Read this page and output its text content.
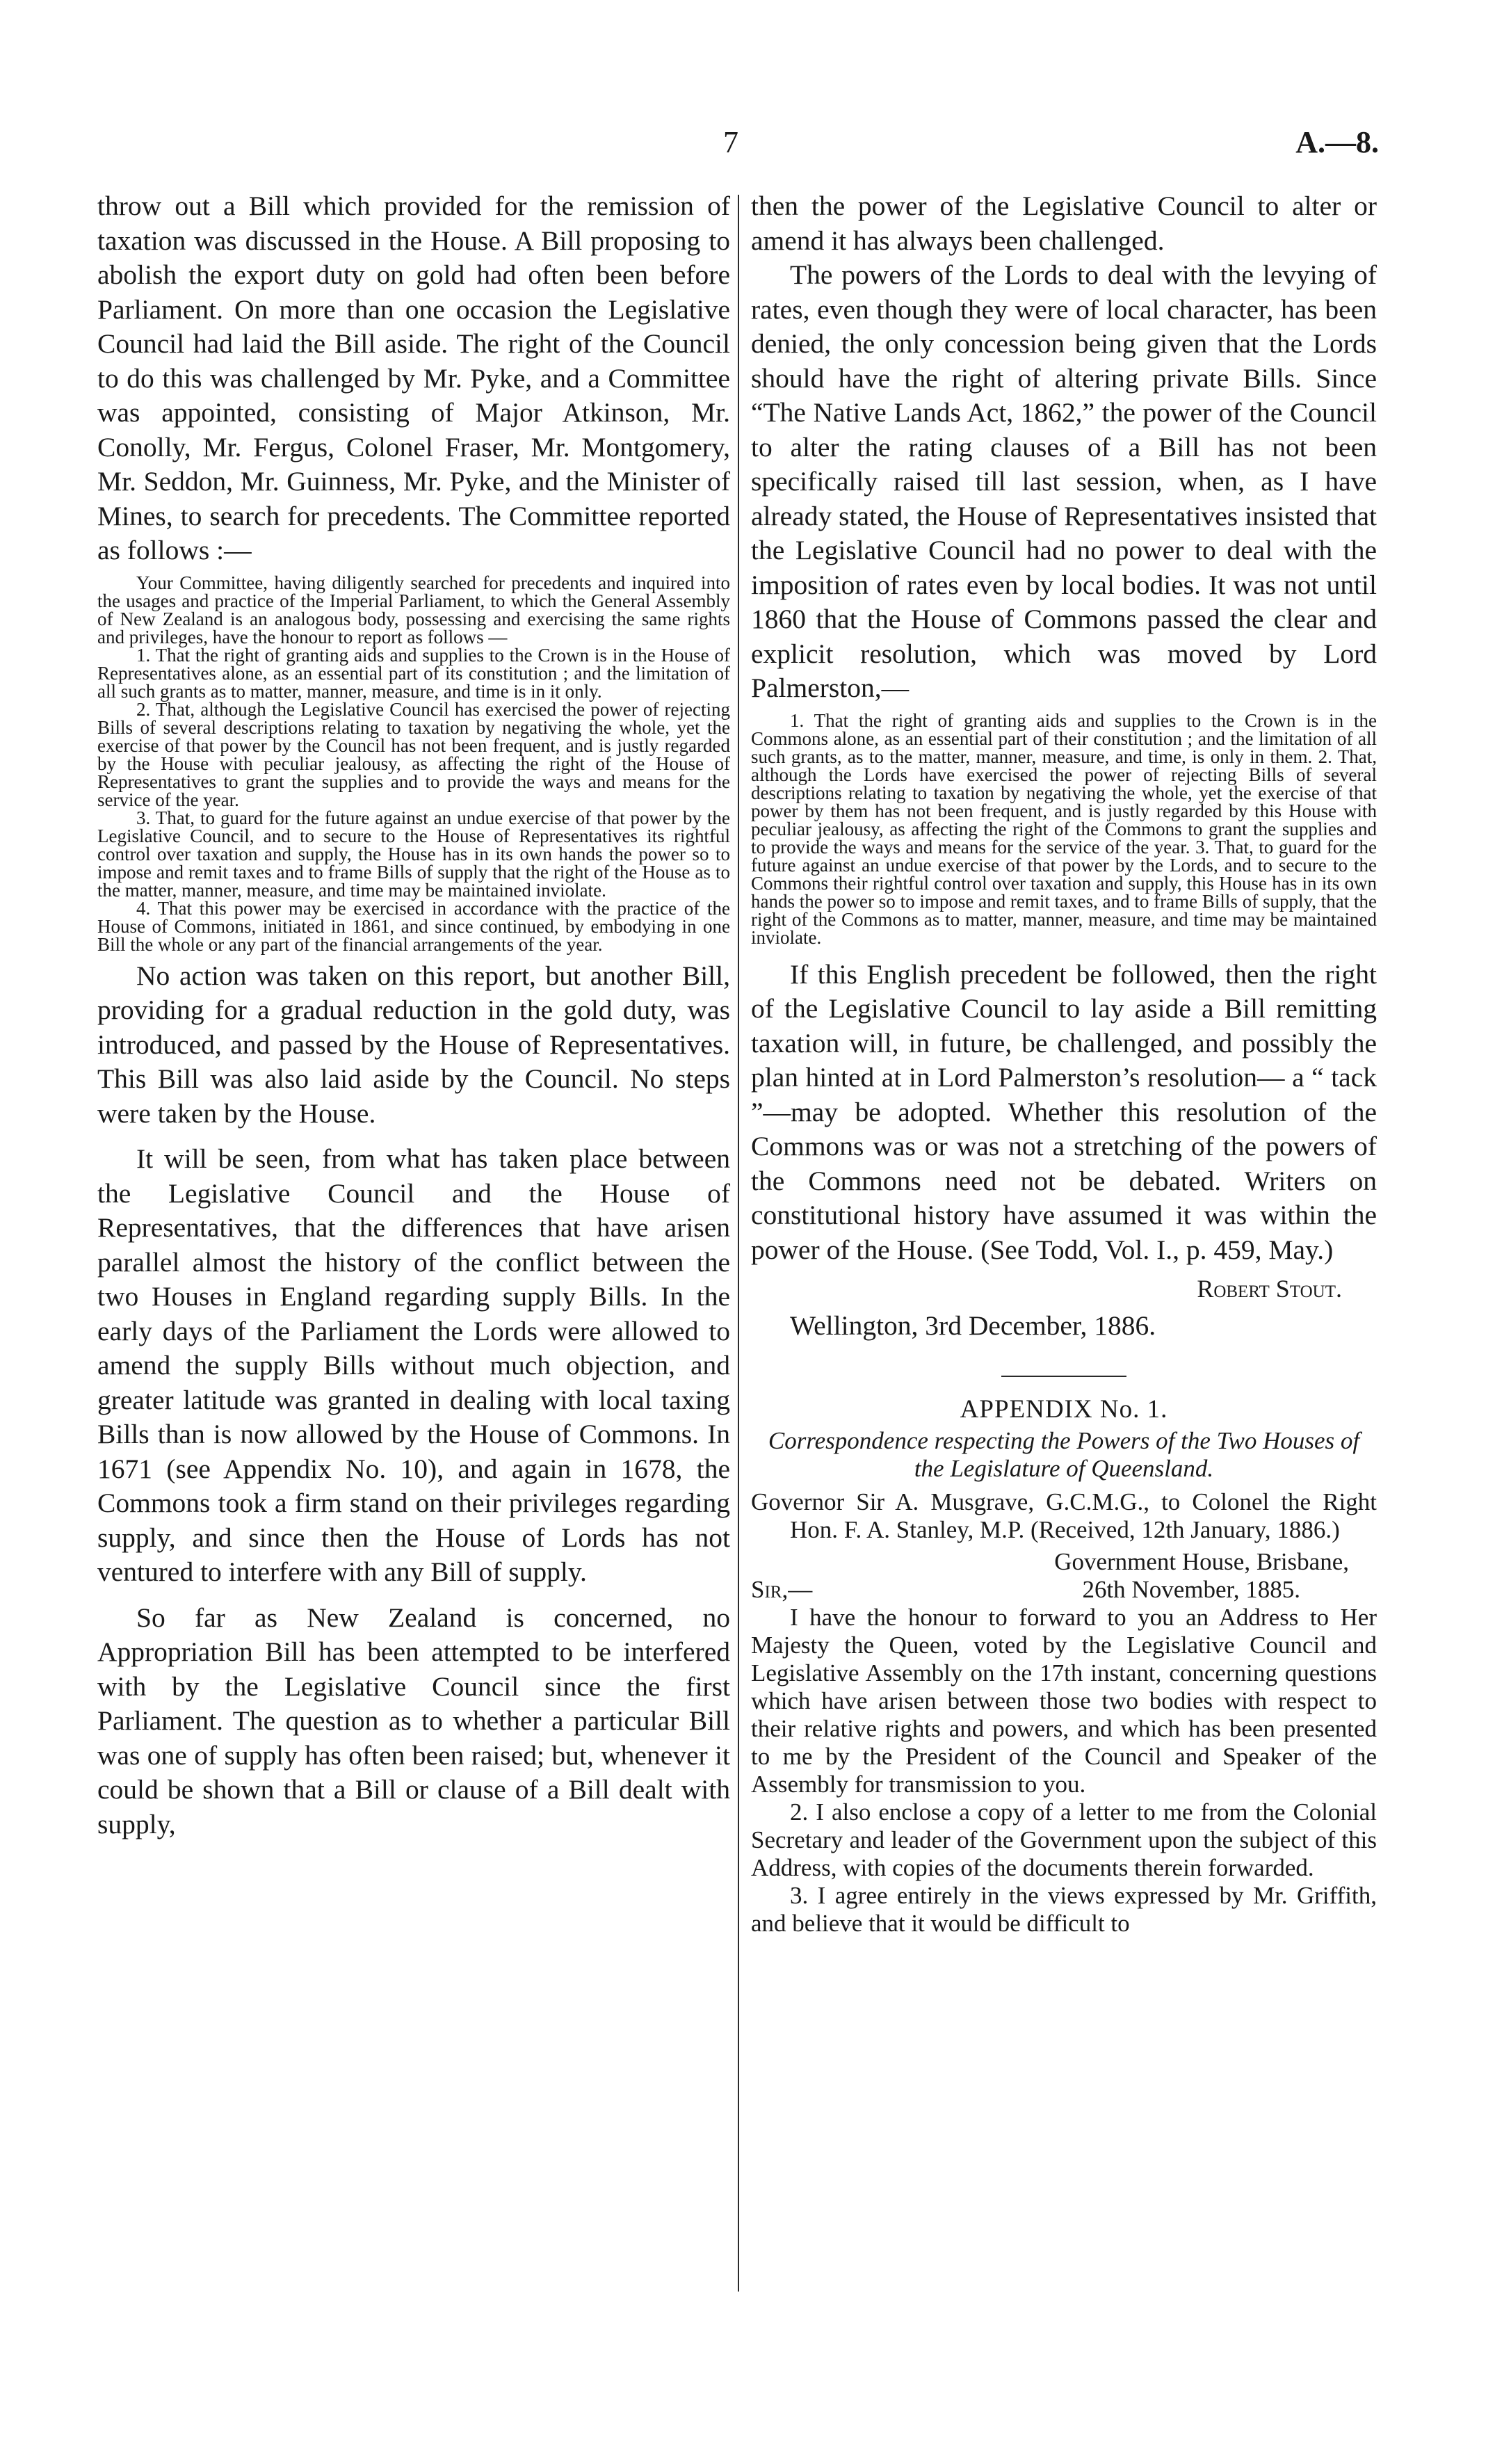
7	A.—8.

throw out a Bill which provided for the remission of taxation was discussed in the House. A Bill proposing to abolish the export duty on gold had often been before Parliament. On more than one occasion the Legislative Council had laid the Bill aside. The right of the Council to do this was challenged by Mr. Pyke, and a Committee was appointed, consisting of Major Atkinson, Mr. Conolly, Mr. Fergus, Colonel Fraser, Mr. Montgomery, Mr. Seddon, Mr. Guinness, Mr. Pyke, and the Minister of Mines, to search for precedents. The Committee reported as follows :—

Your Committee, having diligently searched for precedents and inquired into the usages and practice of the Imperial Parliament, to which the General Assembly of New Zealand is an analogous body, possessing and exercising the same rights and privileges, have the honour to report as follows —

1. That the right of granting aids and supplies to the Crown is in the House of Representatives alone, as an essential part of its constitution ; and the limitation of all such grants as to matter, manner, measure, and time is in it only.

2. That, although the Legislative Council has exercised the power of rejecting Bills of several descriptions relating to taxation by negativing the whole, yet the exercise of that power by the Council has not been frequent, and is justly regarded by the House with peculiar jealousy, as affecting the right of the House of Representatives to grant the supplies and to provide the ways and means for the service of the year.

3. That, to guard for the future against an undue exercise of that power by the Legislative Council, and to secure to the House of Representatives its rightful control over taxation and supply, the House has in its own hands the power so to impose and remit taxes and to frame Bills of supply that the right of the House as to the matter, manner, measure, and time may be maintained inviolate.

4. That this power may be exercised in accordance with the practice of the House of Commons, initiated in 1861, and since continued, by embodying in one Bill the whole or any part of the financial arrangements of the year.

No action was taken on this report, but another Bill, providing for a gradual reduction in the gold duty, was introduced, and passed by the House of Representatives. This Bill was also laid aside by the Council. No steps were taken by the House.

It will be seen, from what has taken place between the Legislative Council and the House of Representatives, that the differences that have arisen parallel almost the history of the conflict between the two Houses in England regarding supply Bills. In the early days of the Parliament the Lords were allowed to amend the supply Bills without much objection, and greater latitude was granted in dealing with local taxing Bills than is now allowed by the House of Commons. In 1671 (see Appendix No. 10), and again in 1678, the Commons took a firm stand on their privileges regarding supply, and since then the House of Lords has not ventured to interfere with any Bill of supply.

So far as New Zealand is concerned, no Appropriation Bill has been attempted to be interfered with by the Legislative Council since the first Parliament. The question as to whether a particular Bill was one of supply has often been raised; but, whenever it could be shown that a Bill or clause of a Bill dealt with supply,

then the power of the Legislative Council to alter or amend it has always been challenged.

The powers of the Lords to deal with the levying of rates, even though they were of local character, has been denied, the only concession being given that the Lords should have the right of altering private Bills. Since “The Native Lands Act, 1862,” the power of the Council to alter the rating clauses of a Bill has not been specifically raised till last session, when, as I have already stated, the House of Representatives insisted that the Legislative Council had no power to deal with the imposition of rates even by local bodies. It was not until 1860 that the House of Commons passed the clear and explicit resolution, which was moved by Lord Palmerston,—

1. That the right of granting aids and supplies to the Crown is in the Commons alone, as an essential part of their constitution ; and the limitation of all such grants, as to the matter, manner, measure, and time, is only in them. 2. That, although the Lords have exercised the power of rejecting Bills of several descriptions relating to taxation by negativing the whole, yet the exercise of that power by them has not been frequent, and is justly regarded by this House with peculiar jealousy, as affecting the right of the Commons to grant the supplies and to provide the ways and means for the service of the year. 3. That, to guard for the future against an undue exercise of that power by the Lords, and to secure to the Commons their rightful control over taxation and supply, this House has in its own hands the power so to impose and remit taxes, and to frame Bills of supply, that the right of the Commons as to matter, manner, measure, and time may be maintained inviolate.

If this English precedent be followed, then the right of the Legislative Council to lay aside a Bill remitting taxation will, in future, be challenged, and possibly the plan hinted at in Lord Palmerston’s resolution— a “ tack ”—may be adopted. Whether this resolution of the Commons was or was not a stretching of the powers of the Commons need not be debated. Writers on constitutional history have assumed it was within the power of the House. (See Todd, Vol. I., p. 459, May.)

Robert Stout.

Wellington, 3rd December, 1886.

APPENDIX No. 1.

Correspondence respecting the Powers of the Two Houses of the Legislature of Queensland.

Governor Sir A. Musgrave, G.C.M.G., to Colonel the Right Hon. F. A. Stanley, M.P. (Received, 12th January, 1886.)

Government House, Brisbane,

Sir,—	26th November, 1885.

I have the honour to forward to you an Address to Her Majesty the Queen, voted by the Legislative Council and Legislative Assembly on the 17th instant, concerning questions which have arisen between those two bodies with respect to their relative rights and powers, and which has been presented to me by the President of the Council and Speaker of the Assembly for transmission to you.

2. I also enclose a copy of a letter to me from the Colonial Secretary and leader of the Government upon the subject of this Address, with copies of the documents therein forwarded.

3. I agree entirely in the views expressed by Mr. Griffith, and believe that it would be difficult to
